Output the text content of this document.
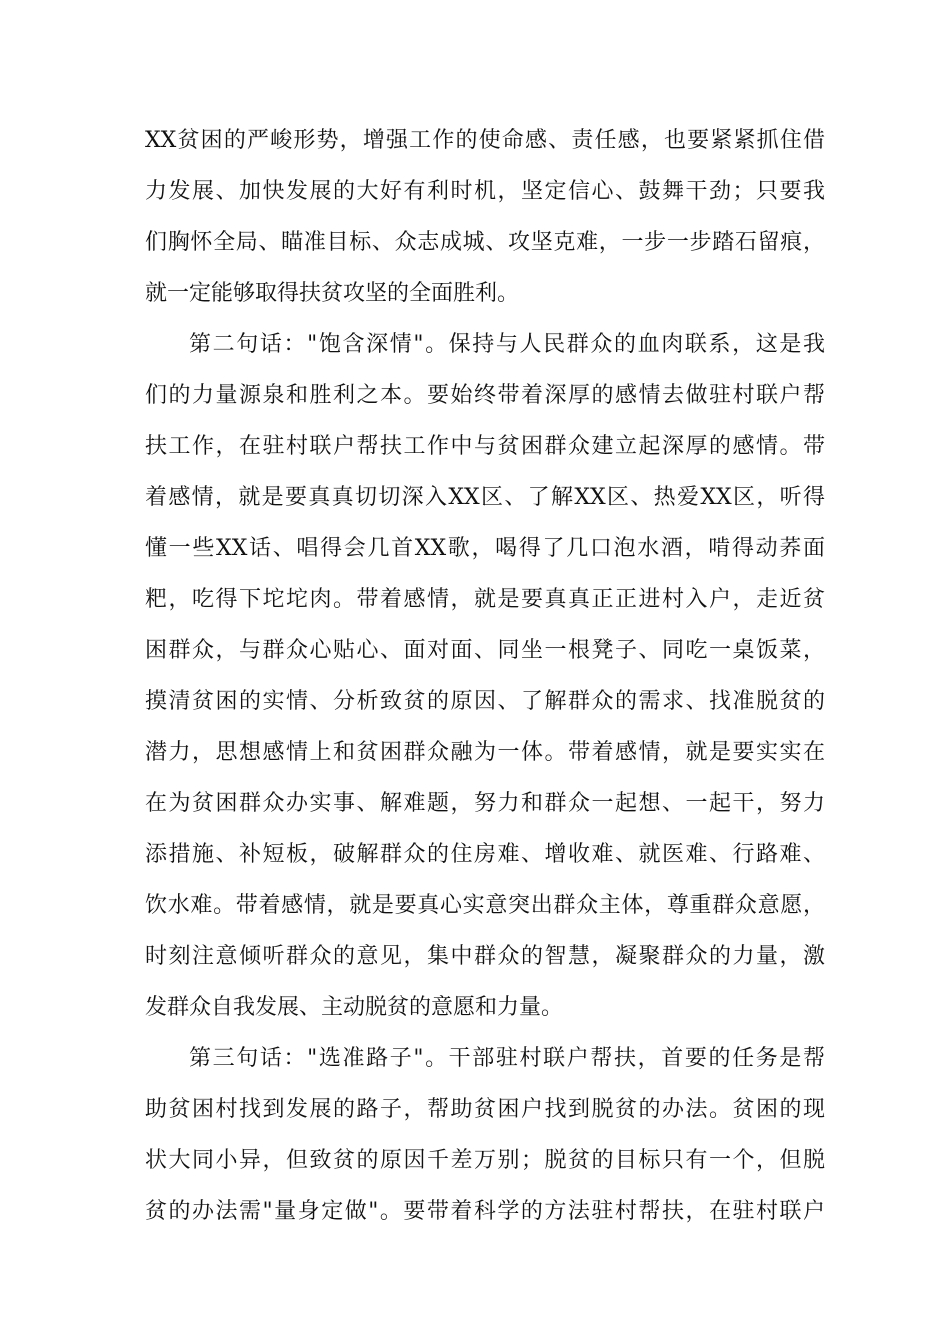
XX贫困的严峻形势，增强工作的使命感、责任感，也要紧紧抓住借
力发展、加快发展的大好有利时机，坚定信心、鼓舞干劲；只要我
们胸怀全局、瞄准目标、众志成城、攻坚克难，一步一步踏石留痕，
就一定能够取得扶贫攻坚的全面胜利。
第二句话："饱含深情"。保持与人民群众的血肉联系，这是我
们的力量源泉和胜利之本。要始终带着深厚的感情去做驻村联户帮
扶工作，在驻村联户帮扶工作中与贫困群众建立起深厚的感情。带
着感情，就是要真真切切深入XX区、了解XX区、热爱XX区，听得
懂一些XX话、唱得会几首XX歌，喝得了几口泡水酒，啃得动荞面
粑，吃得下坨坨肉。带着感情，就是要真真正正进村入户，走近贫
困群众，与群众心贴心、面对面、同坐一根凳子、同吃一桌饭菜，
摸清贫困的实情、分析致贫的原因、了解群众的需求、找准脱贫的
潜力，思想感情上和贫困群众融为一体。带着感情，就是要实实在
在为贫困群众办实事、解难题，努力和群众一起想、一起干，努力
添措施、补短板，破解群众的住房难、增收难、就医难、行路难、
饮水难。带着感情，就是要真心实意突出群众主体，尊重群众意愿，
时刻注意倾听群众的意见，集中群众的智慧，凝聚群众的力量，激
发群众自我发展、主动脱贫的意愿和力量。
第三句话："选准路子"。干部驻村联户帮扶，首要的任务是帮
助贫困村找到发展的路子，帮助贫困户找到脱贫的办法。贫困的现
状大同小异，但致贫的原因千差万别；脱贫的目标只有一个，但脱
贫的办法需"量身定做"。要带着科学的方法驻村帮扶，在驻村联户
